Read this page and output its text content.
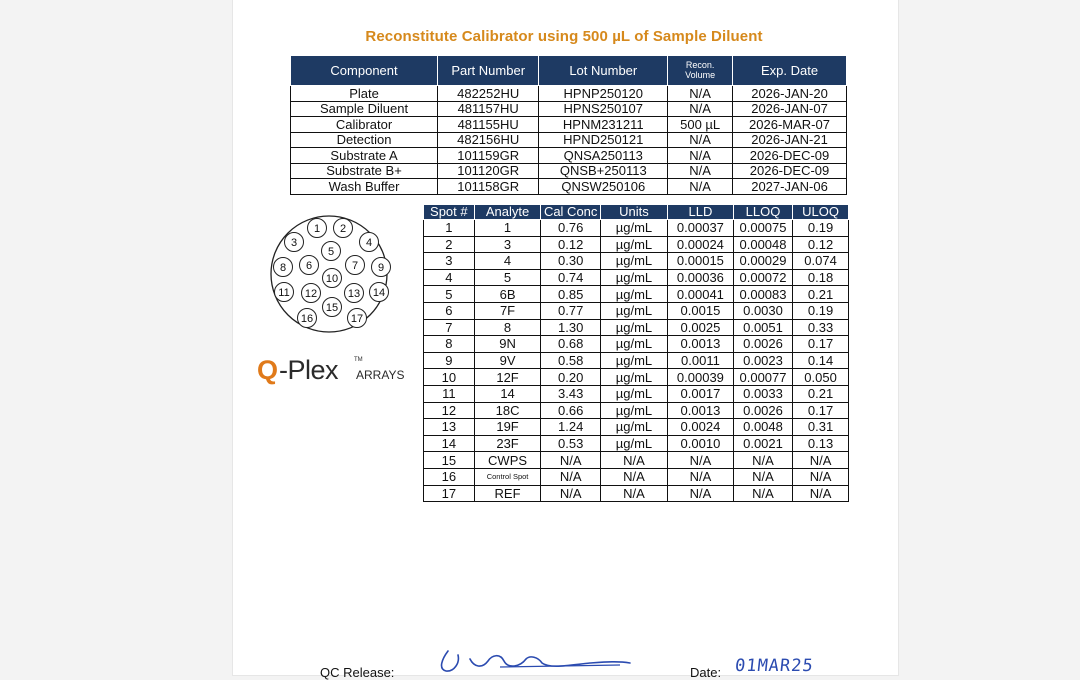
Reconstitute Calibrator using 500 µL of Sample Diluent
Component	Part Number	Lot Number	Recon. Volume	Exp. Date
Plate	482252HU	HPNP250120	N/A	2026-JAN-20
Sample Diluent	481157HU	HPNS250107	N/A	2026-JAN-07
Calibrator	481155HU	HPNM231211	500 µL	2026-MAR-07
Detection	482156HU	HPND250121	N/A	2026-JAN-21
Substrate A	101159GR	QNSA250113	N/A	2026-DEC-09
Substrate B+	101120GR	QNSB+250113	N/A	2026-DEC-09
Wash Buffer	101158GR	QNSW250106	N/A	2027-JAN-06
1 2
3	4
5
6	7
8	9
10
11 12	13 14
15
16	17
Q -Plex	TM
ARRAYS
Spot #	Analyte	Cal Conc	Units	LLD	LLOQ	ULOQ
1	1	0.76	µg/mL	0.00037	0.00075	0.19
2	3	0.12	µg/mL	0.00024	0.00048	0.12
3	4	0.30	µg/mL	0.00015	0.00029	0.074
4	5	0.74	µg/mL	0.00036	0.00072	0.18
5	6B	0.85	µg/mL	0.00041	0.00083	0.21
6	7F	0.77	µg/mL	0.0015	0.0030	0.19
7	8	1.30	µg/mL	0.0025	0.0051	0.33
8	9N	0.68	µg/mL	0.0013	0.0026	0.17
9	9V	0.58	µg/mL	0.0011	0.0023	0.14
10	12F	0.20	µg/mL	0.00039	0.00077	0.050
11	14	3.43	µg/mL	0.0017	0.0033	0.21
12	18C	0.66	µg/mL	0.0013	0.0026	0.17
13	19F	1.24	µg/mL	0.0024	0.0048	0.31
14	23F	0.53	µg/mL	0.0010	0.0021	0.13
15	CWPS	N/A	N/A	N/A	N/A	N/A
16	Control Spot	N/A	N/A	N/A	N/A	N/A
17	REF	N/A	N/A	N/A	N/A	N/A
QC Release:	Date: 01MAR25
